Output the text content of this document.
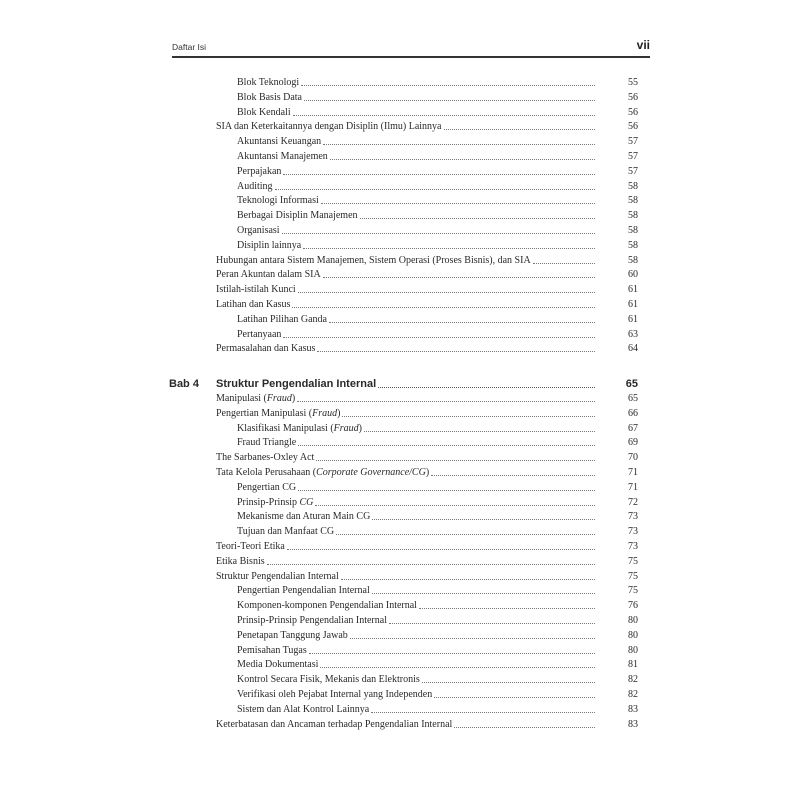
Daftar Isi	vii
Blok Teknologi	55
Blok Basis Data	56
Blok Kendali	56
SIA dan Keterkaitannya dengan Disiplin (Ilmu) Lainnya	56
Akuntansi Keuangan	57
Akuntansi Manajemen	57
Perpajakan	57
Auditing	58
Teknologi Informasi	58
Berbagai Disiplin Manajemen	58
Organisasi	58
Disiplin lainnya	58
Hubungan antara Sistem Manajemen, Sistem Operasi (Proses Bisnis), dan SIA	58
Peran Akuntan dalam SIA	60
Istilah-istilah Kunci	61
Latihan dan Kasus	61
Latihan Pilihan Ganda	61
Pertanyaan	63
Permasalahan dan Kasus	64
Bab 4 Struktur Pengendalian Internal	65
Manipulasi (Fraud)	65
Pengertian Manipulasi (Fraud)	66
Klasifikasi Manipulasi (Fraud)	67
Fraud Triangle	69
The Sarbanes-Oxley Act	70
Tata Kelola Perusahaan (Corporate Governance/CG)	71
Pengertian CG	71
Prinsip-Prinsip CG	72
Mekanisme dan Aturan Main CG	73
Tujuan dan Manfaat CG	73
Teori-Teori Etika	73
Etika Bisnis	75
Struktur Pengendalian Internal	75
Pengertian Pengendalian Internal	75
Komponen-komponen Pengendalian Internal	76
Prinsip-Prinsip Pengendalian Internal	80
Penetapan Tanggung Jawab	80
Pemisahan Tugas	80
Media Dokumentasi	81
Kontrol Secara Fisik, Mekanis dan Elektronis	82
Verifikasi oleh Pejabat Internal yang Independen	82
Sistem dan Alat Kontrol Lainnya	83
Keterbatasan dan Ancaman terhadap Pengendalian Internal	83
